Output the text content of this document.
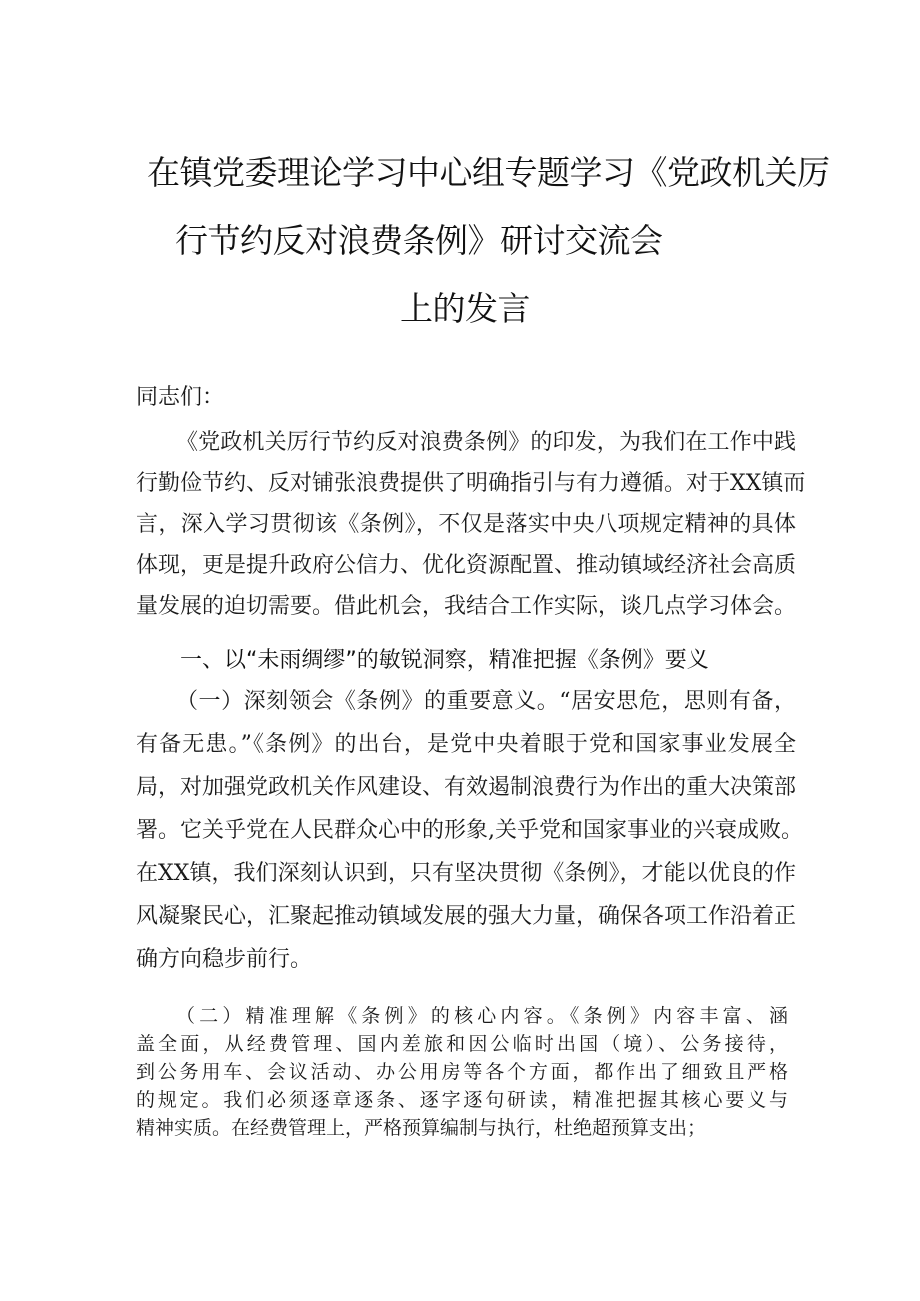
在镇党委理论学习中心组专题学习《党政机关厉
行节约反对浪费条例》研讨交流会
上的发言
同志们：
《党政机关厉行节约反对浪费条例》的印发，为我们在工作中践
行勤俭节约、反对铺张浪费提供了明确指引与有力遵循。对于XX镇而
言，深入学习贯彻该《条例》，不仅是落实中央八项规定精神的具体
体现，更是提升政府公信力、优化资源配置、推动镇域经济社会高质
量发展的迫切需要。借此机会，我结合工作实际，谈几点学习体会。
一、以“未雨绸缪”的敏锐洞察，精准把握《条例》要义
（一）深刻领会《条例》的重要意义。“居安思危，思则有备，
有备无患。”《条例》的出台，是党中央着眼于党和国家事业发展全
局，对加强党政机关作风建设、有效遏制浪费行为作出的重大决策部
署。它关乎党在人民群众心中的形象,关乎党和国家事业的兴衰成败。
在XX镇，我们深刻认识到，只有坚决贯彻《条例》，才能以优良的作
风凝聚民心，汇聚起推动镇域发展的强大力量，确保各项工作沿着正
确方向稳步前行。
（二）精准理解《条例》的核心内容。《条例》内容丰富、涵
盖全面，从经费管理、国内差旅和因公临时出国（境）、公务接待，
到公务用车、会议活动、办公用房等各个方面，都作出了细致且严格
的规定。我们必须逐章逐条、逐字逐句研读，精准把握其核心要义与
精神实质。在经费管理上，严格预算编制与执行，杜绝超预算支出；
